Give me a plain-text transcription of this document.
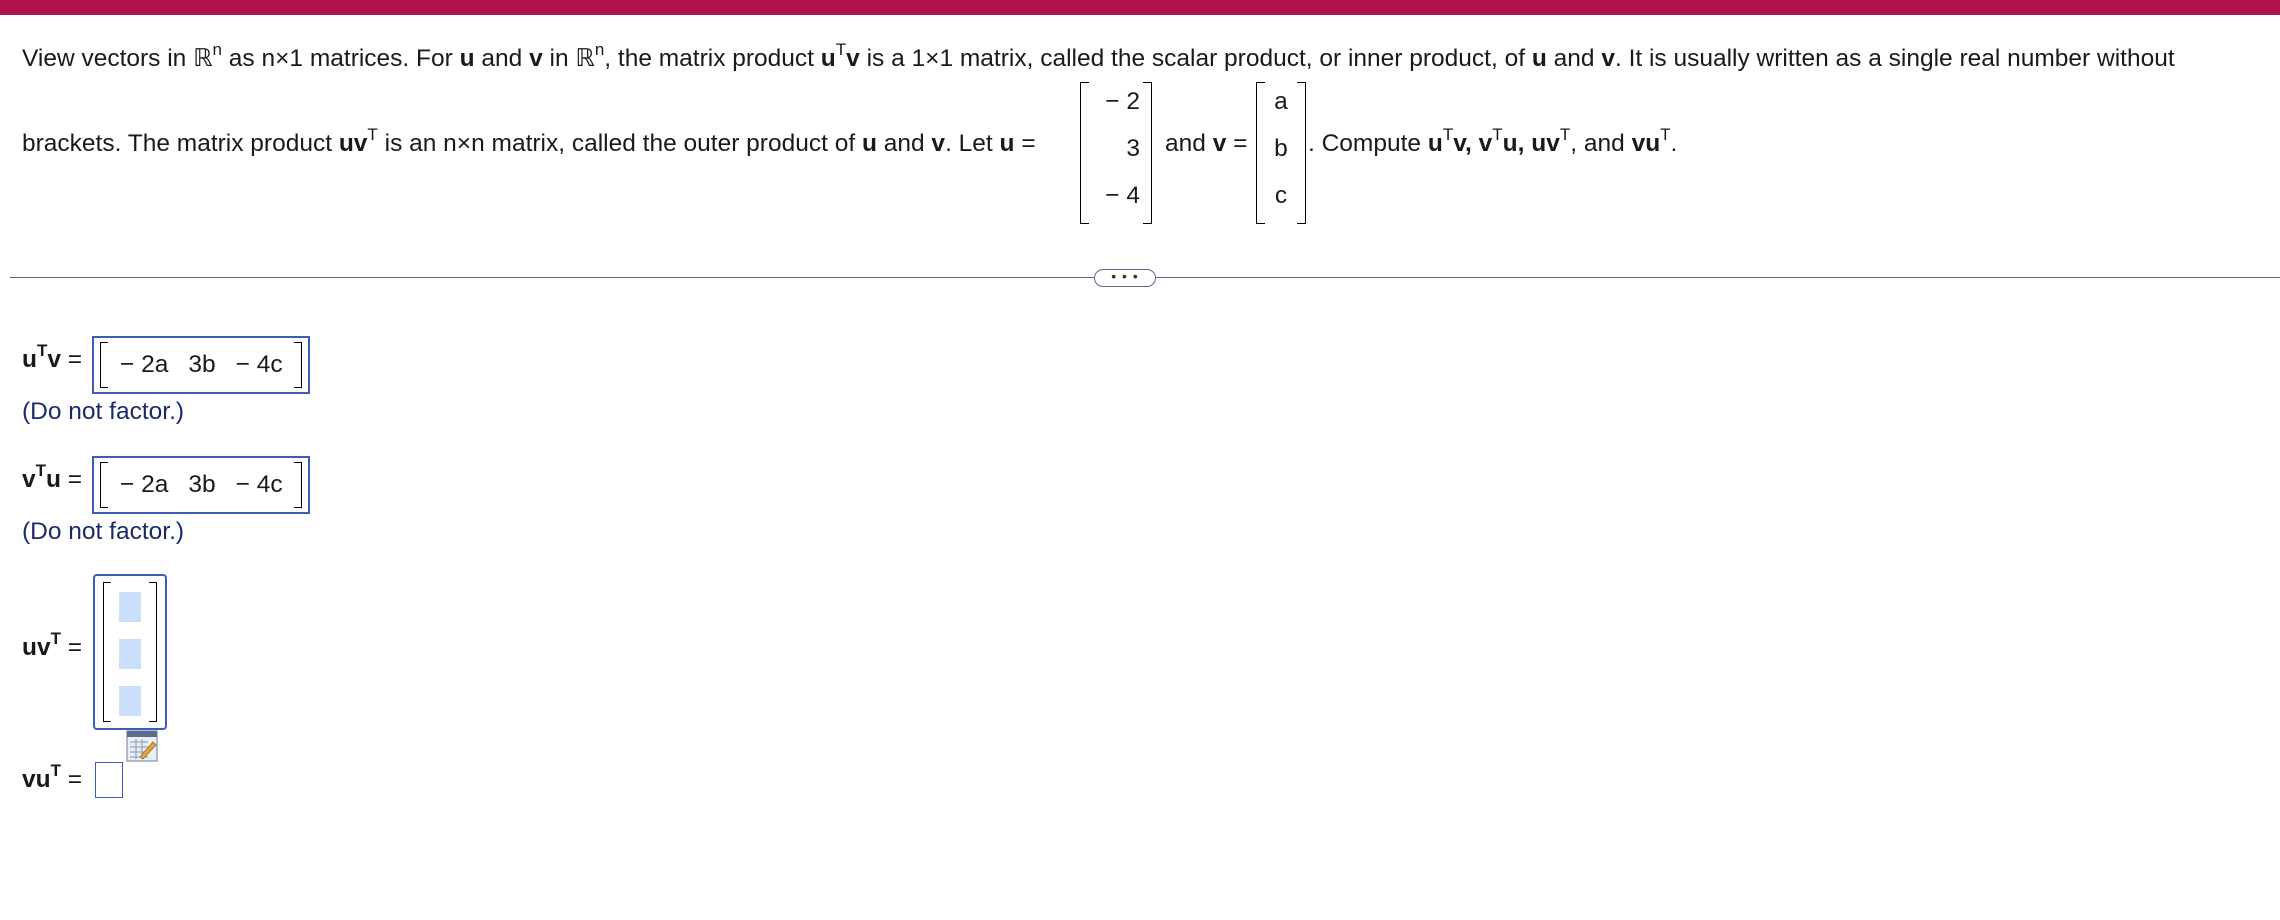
View vectors in ℝ$^n$ as n×1 matrices. For u and v in ℝ$^n$, the matrix product $u^Tv$ is a 1×1 matrix, called the scalar product, or inner product, of u and v. It is usually written as a single real number without
brackets. The matrix product $uv^T$ is an n×n matrix, called the outer product of u and v. Let u =
− 2
3
− 4
and v =
a
b
c
. Compute $u^Tv$, $v^Tu$, $uv^T$, and $vu^T$.
• • •
$u^Tv$ = − 2a 3b − 4c
(Do not factor.)
$v^Tu$ = − 2a 3b − 4c
(Do not factor.)
$uv^T$ =
$vu^T$ =
